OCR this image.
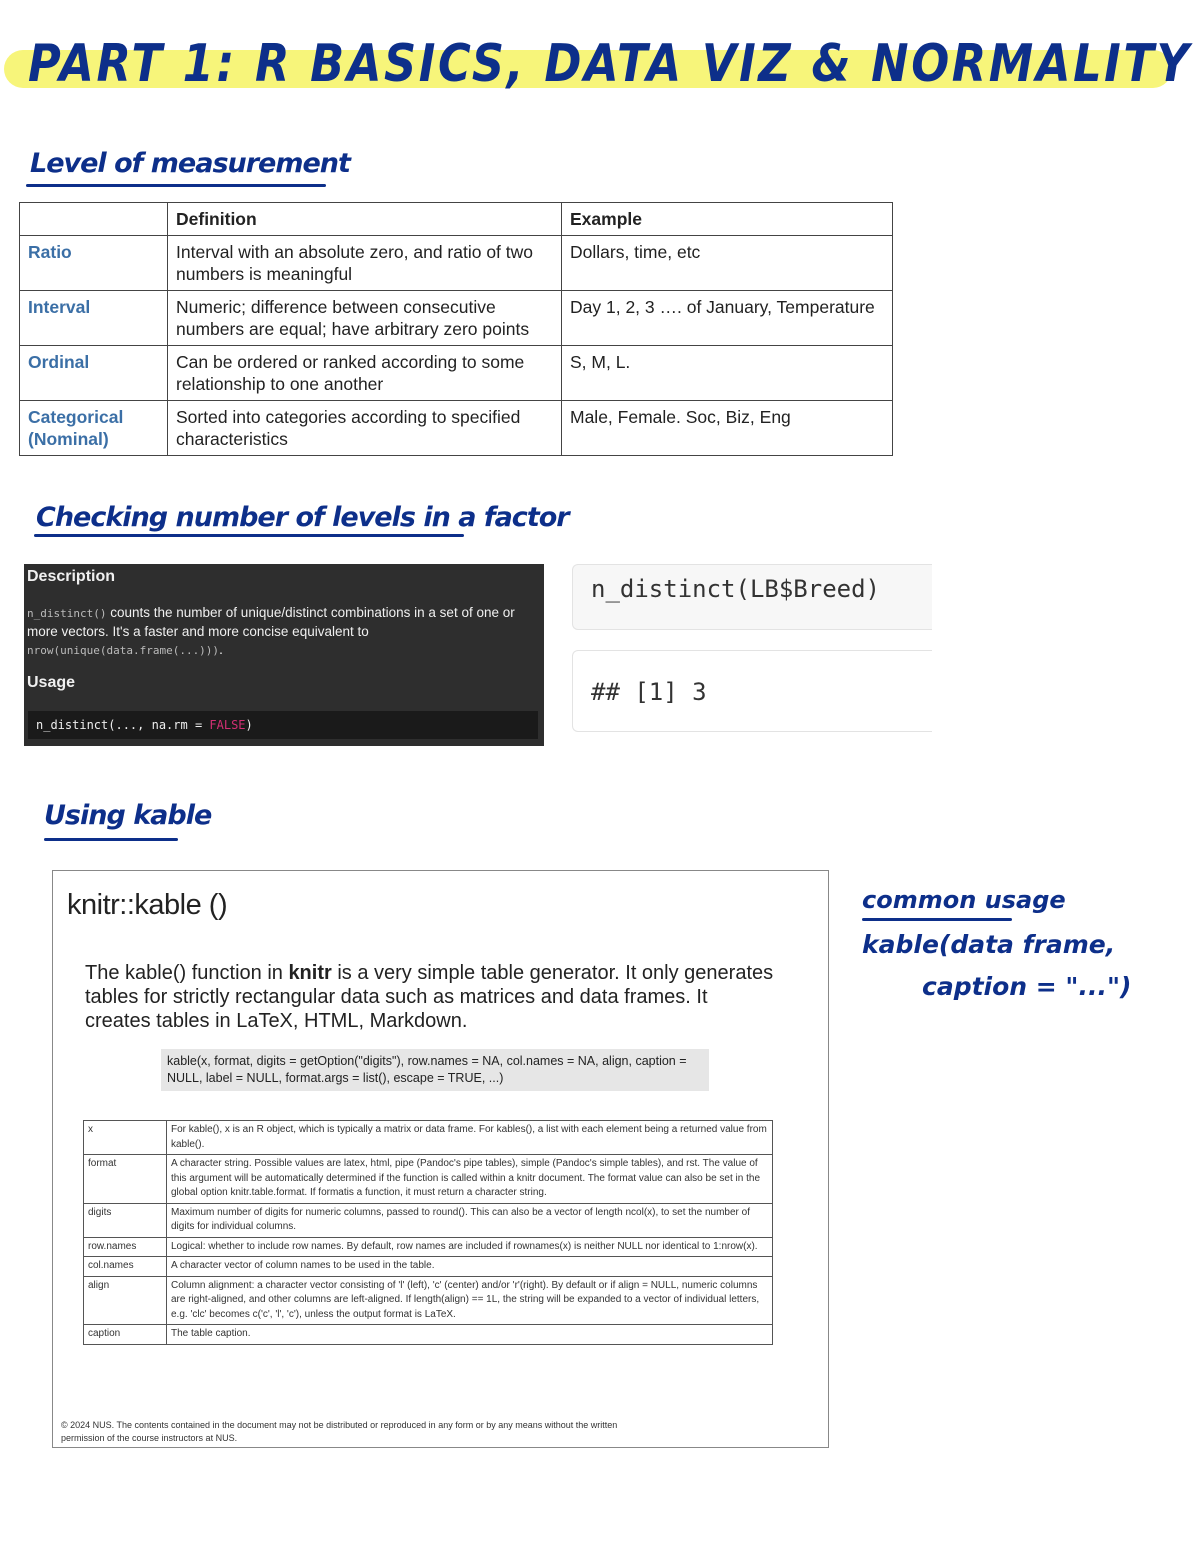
PART 1: R BASICS, DATA VIZ & NORMALITY
Level of measurement
	Definition	Example
Ratio	Interval with an absolute zero, and ratio of two numbers is meaningful	Dollars, time, etc
Interval	Numeric; difference between consecutive numbers are equal; have arbitrary zero points	Day 1, 2, 3 …. of January, Temperature
Ordinal	Can be ordered or ranked according to some relationship to one another	S, M, L.
Categorical (Nominal)	Sorted into categories according to specified characteristics	Male, Female. Soc, Biz, Eng
Checking number of levels in a factor
Description
n_distinct() counts the number of unique/distinct combinations in a set of one or more vectors. It's a faster and more concise equivalent to nrow(unique(data.frame(...))).
Usage
n_distinct(..., na.rm = FALSE)
n_distinct(LB$Breed)
## [1] 3
Using kable
knitr::kable ()
The kable() function in knitr is a very simple table generator. It only generates tables for strictly rectangular data such as matrices and data frames. It creates tables in LaTeX, HTML, Markdown.
kable(x, format, digits = getOption("digits"), row.names = NA, col.names = NA, align, caption = NULL, label = NULL, format.args = list(), escape = TRUE, ...)
x	For kable(), x is an R object, which is typically a matrix or data frame. For kables(), a list with each element being a returned value from kable().
format	A character string. Possible values are latex, html, pipe (Pandoc's pipe tables), simple (Pandoc's simple tables), and rst. The value of this argument will be automatically determined if the function is called within a knitr document. The format value can also be set in the global option knitr.table.format. If formatis a function, it must return a character string.
digits	Maximum number of digits for numeric columns, passed to round(). This can also be a vector of length ncol(x), to set the number of digits for individual columns.
row.names	Logical: whether to include row names. By default, row names are included if rownames(x) is neither NULL nor identical to 1:nrow(x).
col.names	A character vector of column names to be used in the table.
align	Column alignment: a character vector consisting of 'l' (left), 'c' (center) and/or 'r'(right). By default or if align = NULL, numeric columns are right-aligned, and other columns are left-aligned. If length(align) == 1L, the string will be expanded to a vector of individual letters, e.g. 'clc' becomes c('c', 'l', 'c'), unless the output format is LaTeX.
caption	The table caption.
© 2024 NUS. The contents contained in the document may not be distributed or reproduced in any form or by any means without the written permission of the course instructors at NUS.
common usage
kable(data frame,
caption = "...")
